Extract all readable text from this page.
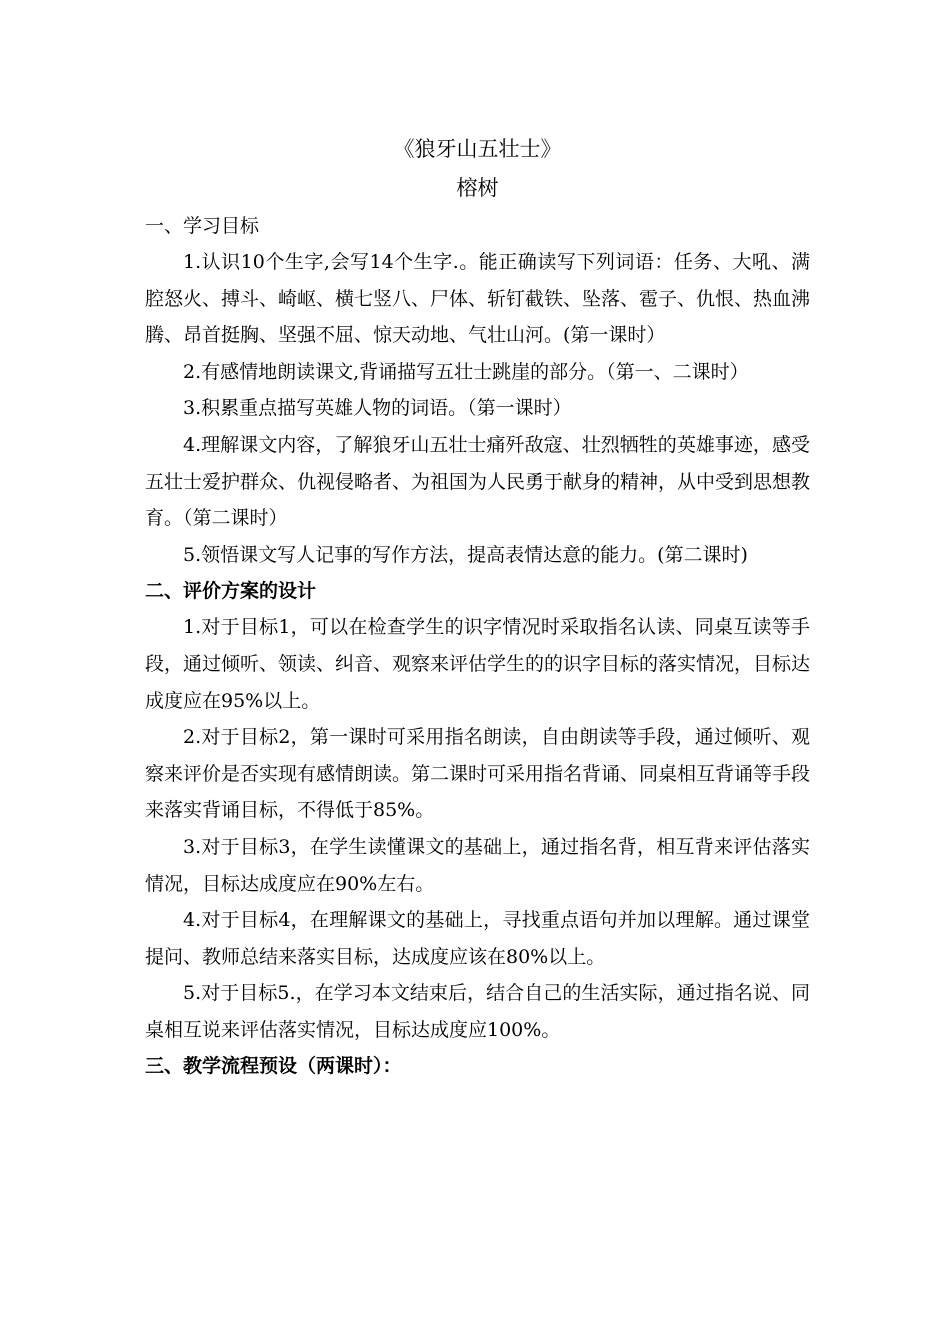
《狼牙山五壮士》
榕树
一、学习目标

1.认识10个生字,会写14个生字.。能正确读写下列词语：任务、大吼、满腔怒火、搏斗、崎岖、横七竖八、尸体、斩钉截铁、坠落、雹子、仇恨、热血沸腾、昂首挺胸、坚强不屈、惊天动地、气壮山河。(第一课时）

2.有感情地朗读课文,背诵描写五壮士跳崖的部分。（第一、二课时）

3.积累重点描写英雄人物的词语。（第一课时）

4.理解课文内容，了解狼牙山五壮士痛歼敌寇、壮烈牺牲的英雄事迹，感受五壮士爱护群众、仇视侵略者、为祖国为人民勇于献身的精神，从中受到思想教育。（第二课时）

5.领悟课文写人记事的写作方法，提高表情达意的能力。(第二课时)

二、评价方案的设计

1.对于目标1，可以在检查学生的识字情况时采取指名认读、同桌互读等手段，通过倾听、领读、纠音、观察来评估学生的的识字目标的落实情况，目标达成度应在95%以上。

2.对于目标2，第一课时可采用指名朗读，自由朗读等手段，通过倾听、观察来评价是否实现有感情朗读。第二课时可采用指名背诵、同桌相互背诵等手段来落实背诵目标，不得低于85%。

3.对于目标3，在学生读懂课文的基础上，通过指名背，相互背来评估落实情况，目标达成度应在90%左右。

4.对于目标4，在理解课文的基础上，寻找重点语句并加以理解。通过课堂提问、教师总结来落实目标，达成度应该在80%以上。

5.对于目标5.，在学习本文结束后，结合自己的生活实际，通过指名说、同桌相互说来评估落实情况，目标达成度应100%。

三、教学流程预设（两课时）：
